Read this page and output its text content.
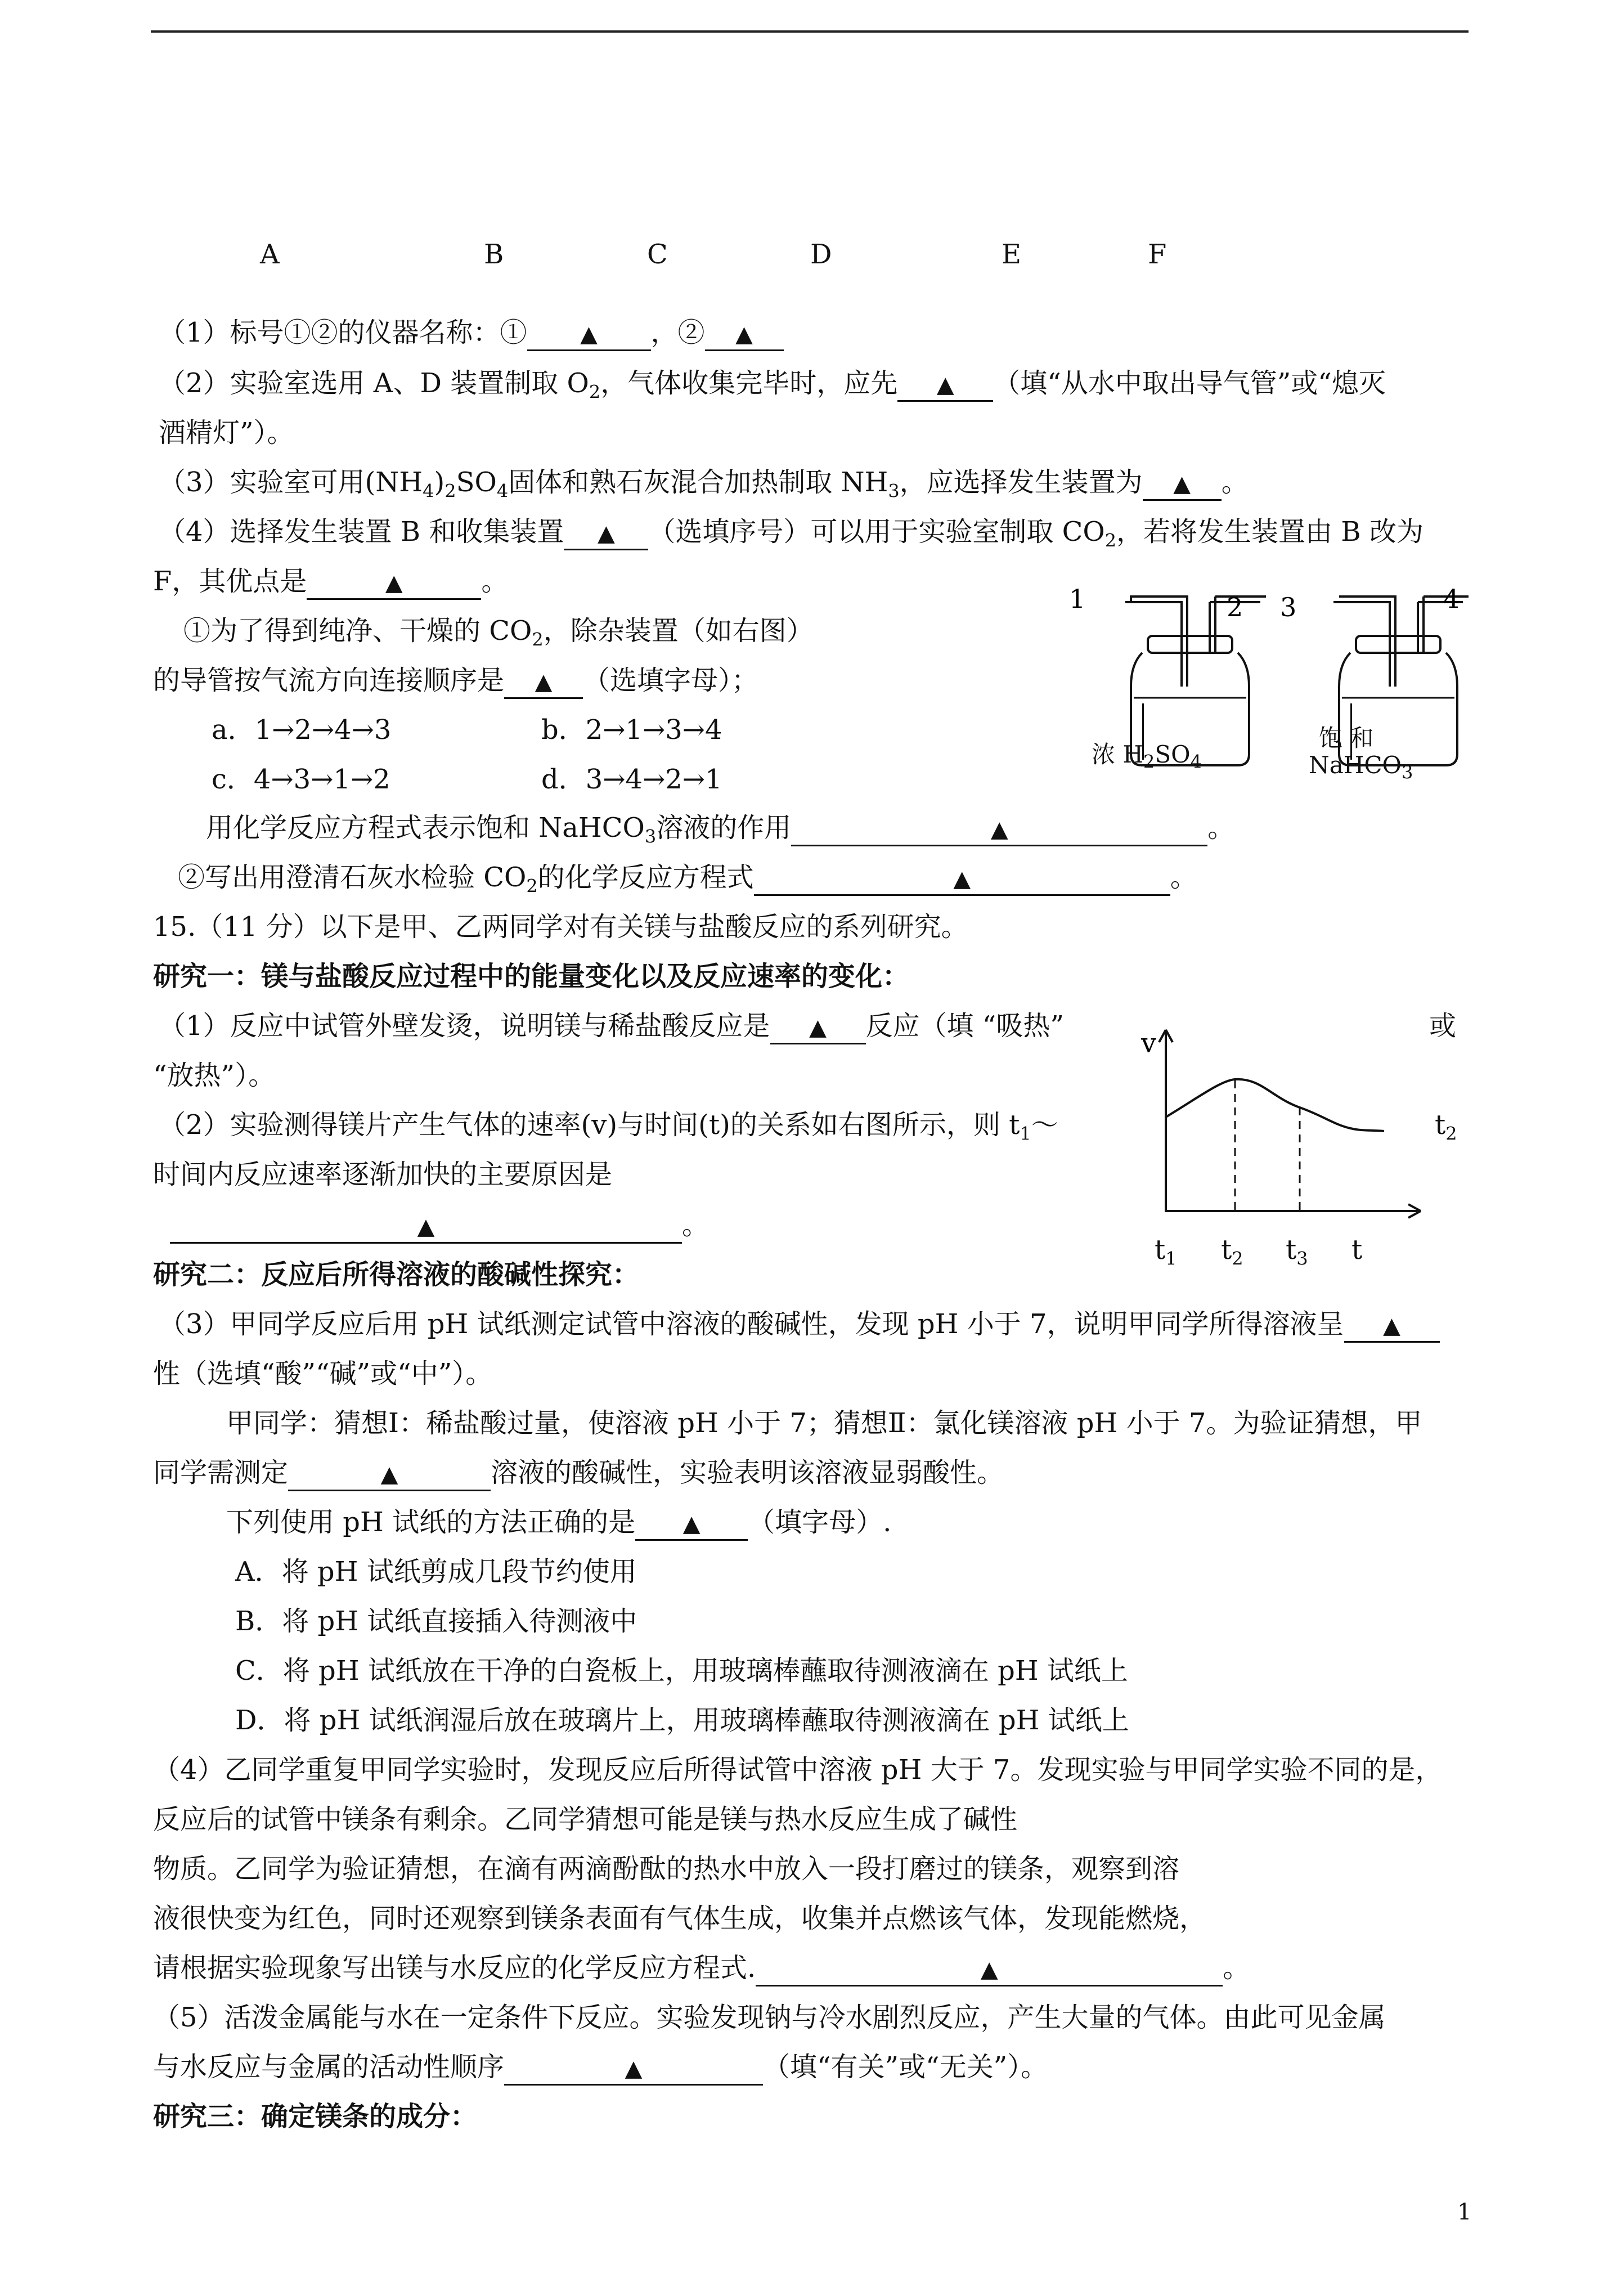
A	B	C	D	E	F
（1）标号①②的仪器名称：① ▲ ，② ▲
（2）实验室选用 A、D 装置制取 $O_2$，气体收集完毕时，应先 ▲ （填“从水中取出导气管”或“熄灭
酒精灯”）。
（3）实验室可用$(NH_4)_2SO_4$固体和熟石灰混合加热制取 $NH_3$，应选择发生装置为 ▲ 。
（4）选择发生装置 B 和收集装置 ▲ （选填序号）可以用于实验室制取 $CO_2$，若将发生装置由 B 改为
F，其优点是	▲	。
①为了得到纯净、干燥的 $CO_2$，除杂装置（如右图）
的导管按气流方向连接顺序是 ▲ （选填字母）；
a．1→2→4→3	b．2→1→3→4
c．4→3→1→2	d．3→4→2→1
用化学反应方程式表示饱和 NaHCO$_3$溶液的作用	▲	。
②写出用澄清石灰水检验 $CO_2$的化学反应方程式	▲	。
1	2 3	4
浓 $H_2SO_4$
饱 和
NaHCO$_3$
15.（11 分）以下是甲、乙两同学对有关镁与盐酸反应的系列研究。
研究一：镁与盐酸反应过程中的能量变化以及反应速率的变化：
（1）反应中试管外壁发烫，说明镁与稀盐酸反应是 ▲ 反应（填 “吸热”	或
“放热”）。
（2）实验测得镁片产生气体的速率(v)与时间(t)的关系如右图所示，则 $t_1\sim$	$t_2$
时间内反应速率逐渐加快的主要原因是
▲	。
v
$t_1$ $t_2$ $t_3$ t
研究二：反应后所得溶液的酸碱性探究：
（3）甲同学反应后用 pH 试纸测定试管中溶液的酸碱性，发现 pH 小于 7，说明甲同学所得溶液呈 ▲
性（选填“酸”“碱”或“中”）。
甲同学：猜想Ⅰ：稀盐酸过量，使溶液 pH 小于 7；猜想Ⅱ：氯化镁溶液 pH 小于 7。为验证猜想，甲
同学需测定	▲	溶液的酸碱性，实验表明该溶液显弱酸性。
下列使用 pH 试纸的方法正确的是 ▲ （填字母）.
A．将 pH 试纸剪成几段节约使用
B．将 pH 试纸直接插入待测液中
C．将 pH 试纸放在干净的白瓷板上，用玻璃棒蘸取待测液滴在 pH 试纸上
D．将 pH 试纸润湿后放在玻璃片上，用玻璃棒蘸取待测液滴在 pH 试纸上
（4）乙同学重复甲同学实验时，发现反应后所得试管中溶液 pH 大于 7。发现实验与甲同学实验不同的是，
反应后的试管中镁条有剩余。乙同学猜想可能是镁与热水反应生成了碱性
物质。乙同学为验证猜想，在滴有两滴酚酞的热水中放入一段打磨过的镁条，观察到溶
液很快变为红色，同时还观察到镁条表面有气体生成，收集并点燃该气体，发现能燃烧，
请根据实验现象写出镁与水反应的化学反应方程式.	▲	。
（5）活泼金属能与水在一定条件下反应。实验发现钠与冷水剧烈反应，产生大量的气体。由此可见金属
与水反应与金属的活动性顺序	▲	（填“有关”或“无关”）。
研究三：确定镁条的成分：
1
